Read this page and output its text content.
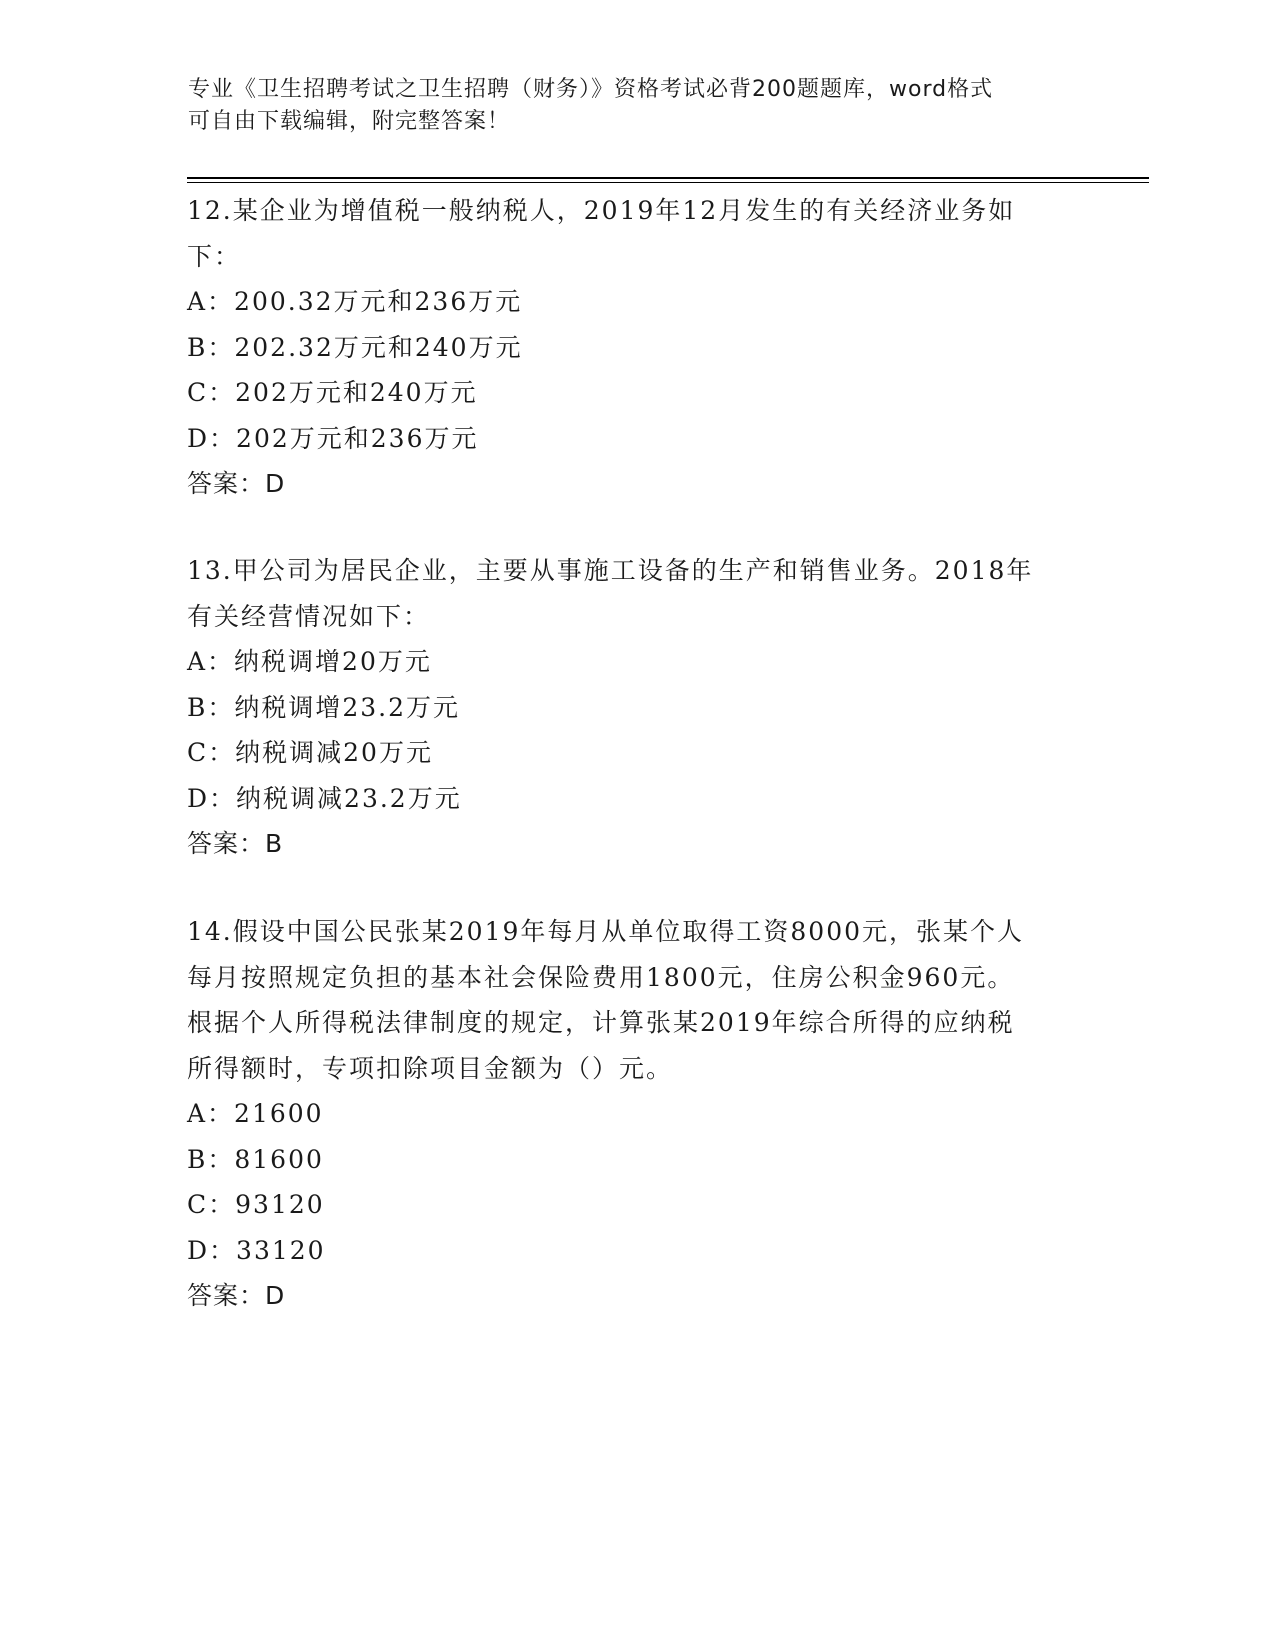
专业《卫生招聘考试之卫生招聘（财务）》资格考试必背200题题库，word格式
可自由下载编辑，附完整答案！
12.某企业为增值税一般纳税人，2019年12月发生的有关经济业务如
下：
A：200.32万元和236万元
B：202.32万元和240万元
C：202万元和240万元
D：202万元和236万元
答案：D
13.甲公司为居民企业，主要从事施工设备的生产和销售业务。2018年
有关经营情况如下：
A：纳税调增20万元
B：纳税调增23.2万元
C：纳税调减20万元
D：纳税调减23.2万元
答案：B
14.假设中国公民张某2019年每月从单位取得工资8000元，张某个人
每月按照规定负担的基本社会保险费用1800元，住房公积金960元。
根据个人所得税法律制度的规定，计算张某2019年综合所得的应纳税
所得额时，专项扣除项目金额为（）元。
A：21600
B：81600
C：93120
D：33120
答案：D
